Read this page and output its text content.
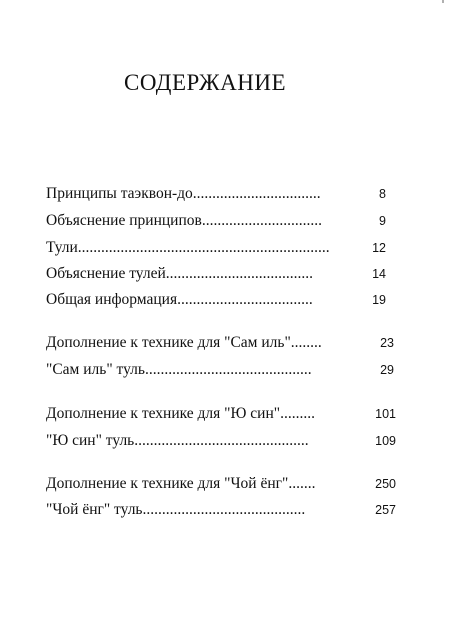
СОДЕРЖАНИЕ
Принципы таэквон-до.................................	8
Объяснение принципов...............................	9
Тули.................................................................	12
Объяснение тулей......................................	14
Общая информация...................................	19
Дополнение к технике для "Сам иль"........	23
"Сам иль" туль...........................................	29
Дополнение к технике для "Ю син".........	101
"Ю син" туль.............................................	109
Дополнение к технике для "Чой ёнг".......	250
"Чой ёнг" туль..........................................	257
